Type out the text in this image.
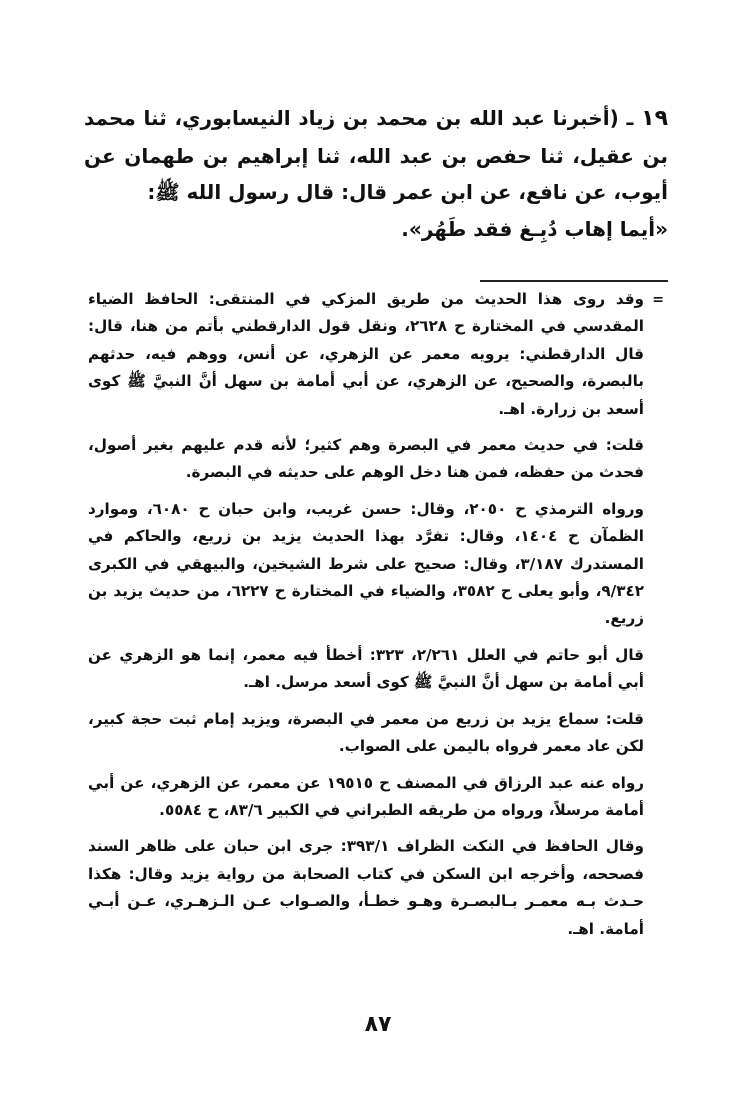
١٩ ـ (أخبرنا عبد الله بن محمد بن زياد النيسابوري، ثنا محمد بن عقيل، ثنا حفص بن عبد الله، ثنا إبراهيم بن طهمان عن أيوب، عن نافع، عن ابن عمر قال: قال رسول الله ﷺ:

«أيما إهاب دُبِـغ فقد طَهُر».

=

وقد روى هذا الحديث من طريق المزكي في المنتقى: الحافظ الضياء المقدسي في المختارة ح ٢٦٢٨، ونقل قول الدارقطني بأتم من هنا، قال: قال الدارقطني: يرويه معمر عن الزهري، عن أنس، ووهم فيه، حدثهم بالبصرة، والصحيح، عن الزهري، عن أبي أمامة بن سهل أنَّ النبيَّ ﷺ كوى أسعد بن زرارة. اهـ.

قلت: في حديث معمر في البصرة وهم كثير؛ لأنه قدم عليهم بغير أصول، فحدث من حفظه، فمن هنا دخل الوهم على حديثه في البصرة.

ورواه الترمذي ح ٢٠٥٠، وقال: حسن غريب، وابن حبان ح ٦٠٨٠، وموارد الظمآن ح ١٤٠٤، وقال: تفرَّد بهذا الحديث يزيد بن زريع، والحاكم في المستدرك ٣/١٨٧، وقال: صحيح على شرط الشيخين، والبيهقي في الكبرى ٩/٣٤٢، وأبو يعلى ح ٣٥٨٢، والضياء في المختارة ح ٦٢٢٧، من حديث يزيد بن زريع.

قال أبو حاتم في العلل ٢/٢٦١، ٣٢٣: أخطأ فيه معمر، إنما هو الزهري عن أبي أمامة بن سهل أنَّ النبيَّ ﷺ كوى أسعد مرسل. اهـ.

قلت: سماع يزيد بن زريع من معمر في البصرة، ويزيد إمام ثبت حجة كبير، لكن عاد معمر فرواه باليمن على الصواب.

رواه عنه عبد الرزاق في المصنف ح ١٩٥١٥ عن معمر، عن الزهري، عن أبي أمامة مرسلاً، ورواه من طريقه الطبراني في الكبير ٨٣/٦، ح ٥٥٨٤.

وقال الحافظ في النكت الظراف ٣٩٣/١: جرى ابن حبان على ظاهر السند فصححه، وأخرجه ابن السكن في كتاب الصحابة من رواية يزيد وقال: هكذا حـدث بـه معمـر بـالبصـرة وهـو خطـأ، والصـواب عـن الـزهـري، عـن أبـي أمامة. اهـ.

٨٧
